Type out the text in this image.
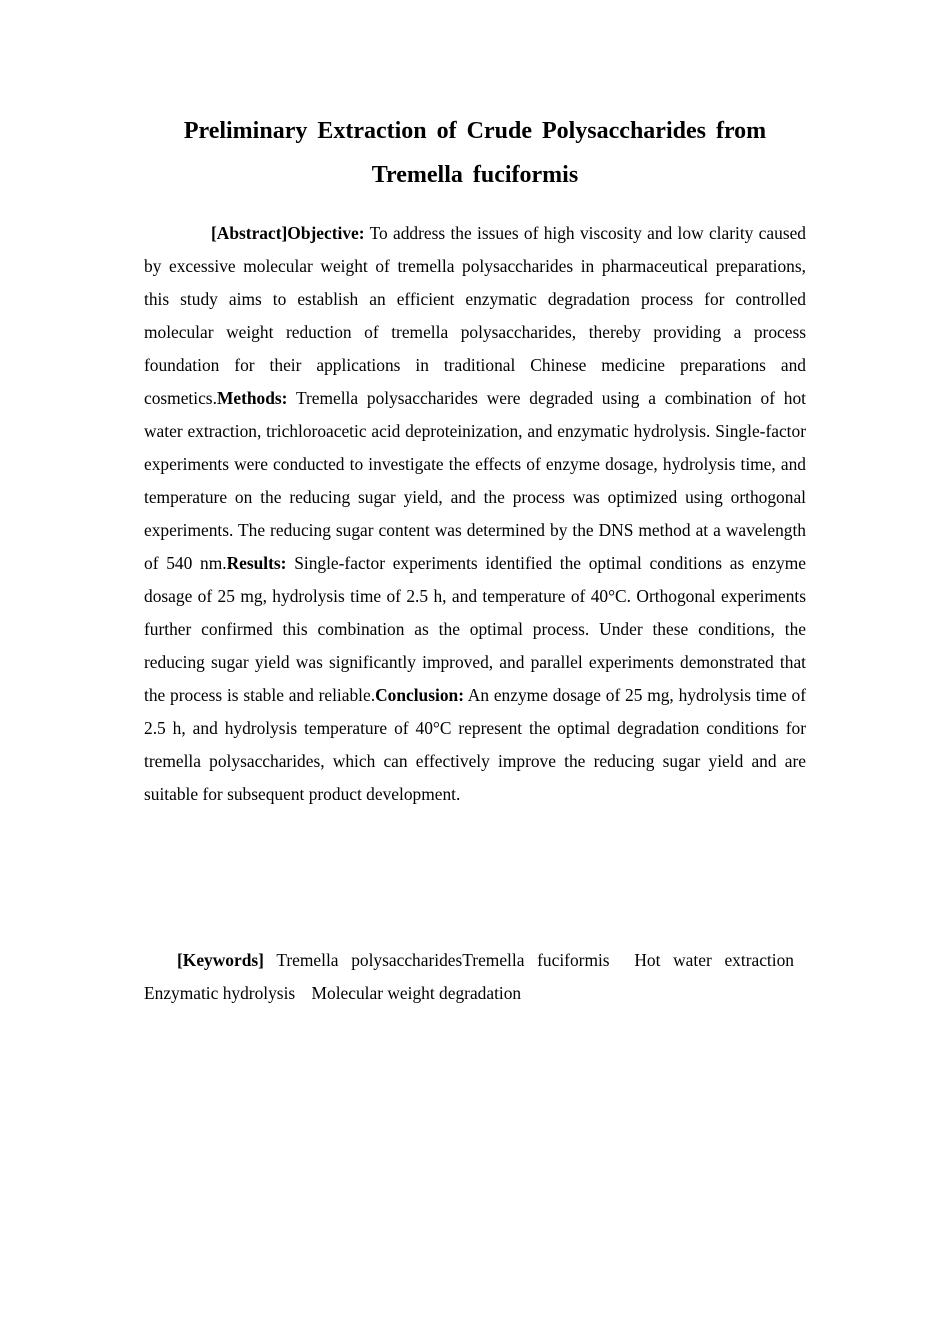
Preliminary Extraction of Crude Polysaccharides from
Tremella fuciformis

[Abstract]Objective: To address the issues of high viscosity and low clarity caused by excessive molecular weight of tremella polysaccharides in pharmaceutical preparations, this study aims to establish an efficient enzymatic degradation process for controlled molecular weight reduction of tremella polysaccharides, thereby providing a process foundation for their applications in traditional Chinese medicine preparations and cosmetics.Methods: Tremella polysaccharides were degraded using a combination of hot water extraction, trichloroacetic acid deproteinization, and enzymatic hydrolysis. Single-factor experiments were conducted to investigate the effects of enzyme dosage, hydrolysis time, and temperature on the reducing sugar yield, and the process was optimized using orthogonal experiments. The reducing sugar content was determined by the DNS method at a wavelength of 540 nm.Results: Single-factor experiments identified the optimal conditions as enzyme dosage of 25 mg, hydrolysis time of 2.5 h, and temperature of 40°C. Orthogonal experiments further confirmed this combination as the optimal process. Under these conditions, the reducing sugar yield was significantly improved, and parallel experiments demonstrated that the process is stable and reliable.Conclusion: An enzyme dosage of 25 mg, hydrolysis time of 2.5 h, and hydrolysis temperature of 40°C represent the optimal degradation conditions for tremella polysaccharides, which can effectively improve the reducing sugar yield and are suitable for subsequent product development.

[Keywords] Tremella polysaccharidesTremella fuciformis Hot water extraction Enzymatic hydrolysis Molecular weight degradation
